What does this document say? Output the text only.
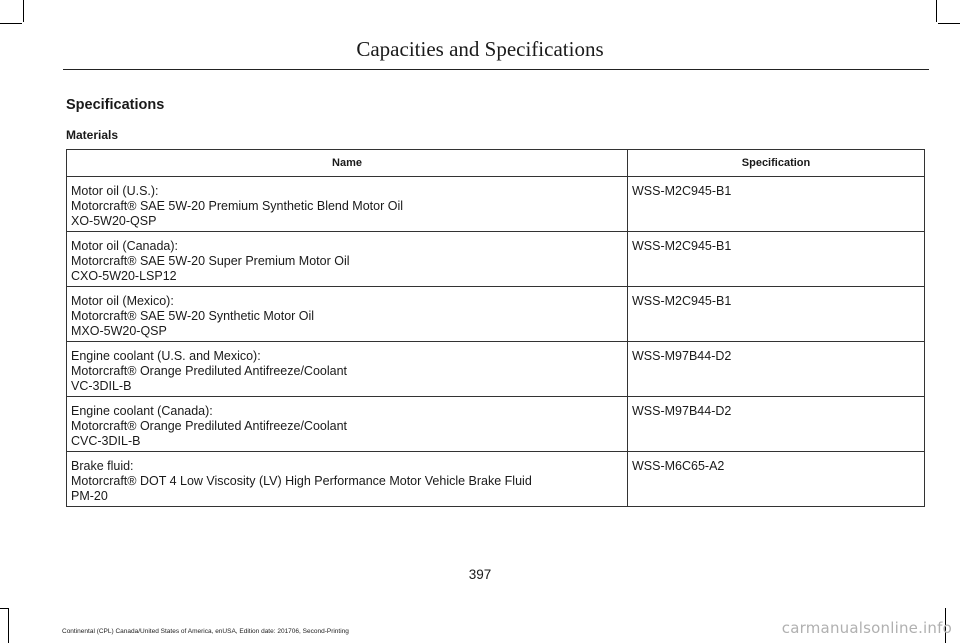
Capacities and Specifications
Specifications
Materials
Name	Specification

Motor oil (U.S.):
Motorcraft® SAE 5W-20 Premium Synthetic Blend Motor Oil
XO-5W20-QSP	WSS-M2C945-B1

Motor oil (Canada):
Motorcraft® SAE 5W-20 Super Premium Motor Oil
CXO-5W20-LSP12	WSS-M2C945-B1

Motor oil (Mexico):
Motorcraft® SAE 5W-20 Synthetic Motor Oil
MXO-5W20-QSP	WSS-M2C945-B1

Engine coolant (U.S. and Mexico):
Motorcraft® Orange Prediluted Antifreeze/Coolant
VC-3DIL-B	WSS-M97B44-D2

Engine coolant (Canada):
Motorcraft® Orange Prediluted Antifreeze/Coolant
CVC-3DIL-B	WSS-M97B44-D2

Brake fluid:
Motorcraft® DOT 4 Low Viscosity (LV) High Performance Motor Vehicle Brake Fluid
PM-20	WSS-M6C65-A2
397
Continental (CPL) Canada/United States of America, enUSA, Edition date: 201706, Second-Printing	carmanualsonline.info
